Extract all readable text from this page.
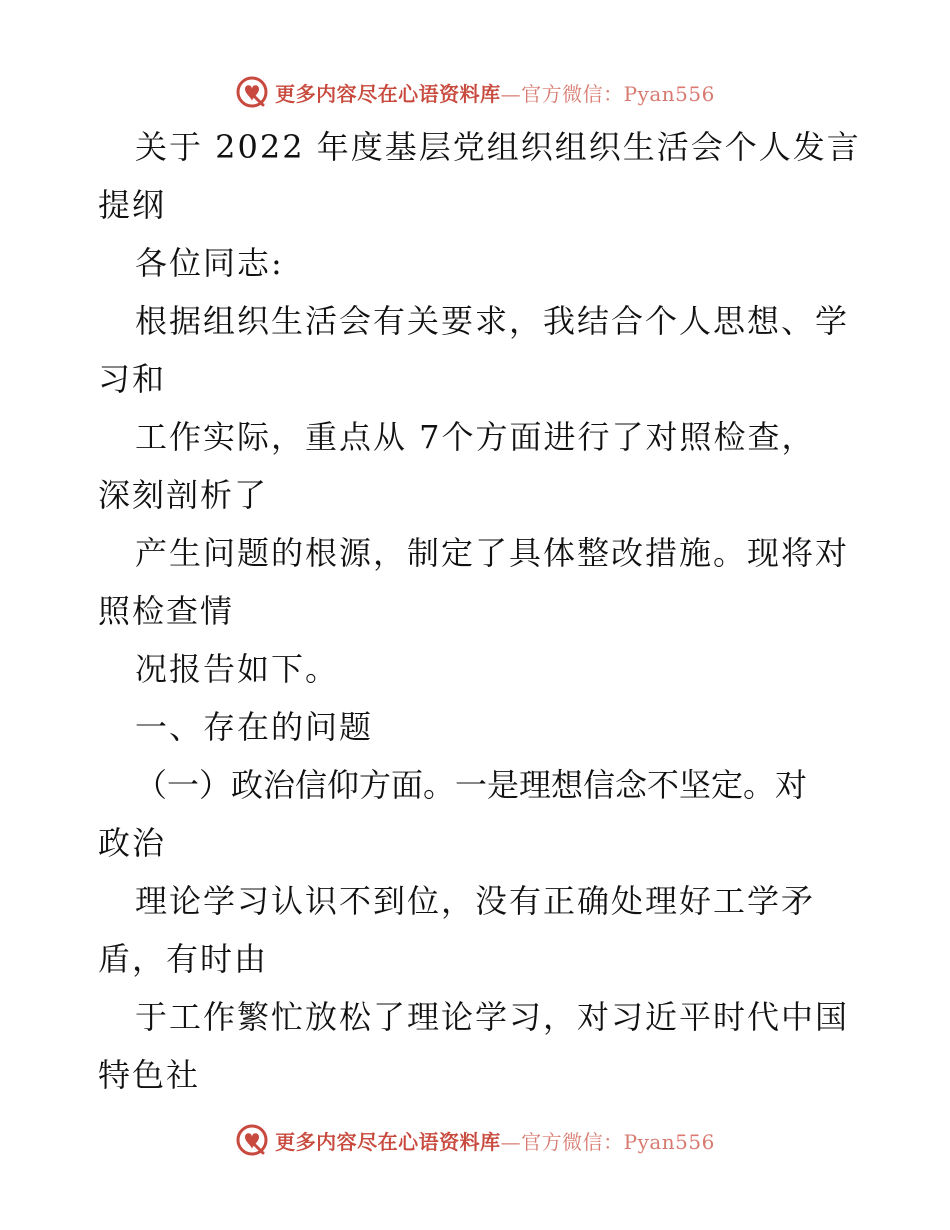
更多内容尽在心语资料库—官方微信：Pyan556
关于 2022 年度基层党组织组织生活会个人发言
提纲
各位同志:
根据组织生活会有关要求，我结合个人思想、学
习和
工作实际，重点从 7个方面进行了对照检查，
深刻剖析了
产生问题的根源，制定了具体整改措施。现将对
照检查情
况报告如下。
一、存在的问题
（一）政治信仰方面。一是理想信念不坚定。对
政治
理论学习认识不到位，没有正确处理好工学矛
盾，有时由
于工作繁忙放松了理论学习，对习近平时代中国
特色社
更多内容尽在心语资料库—官方微信：Pyan556
